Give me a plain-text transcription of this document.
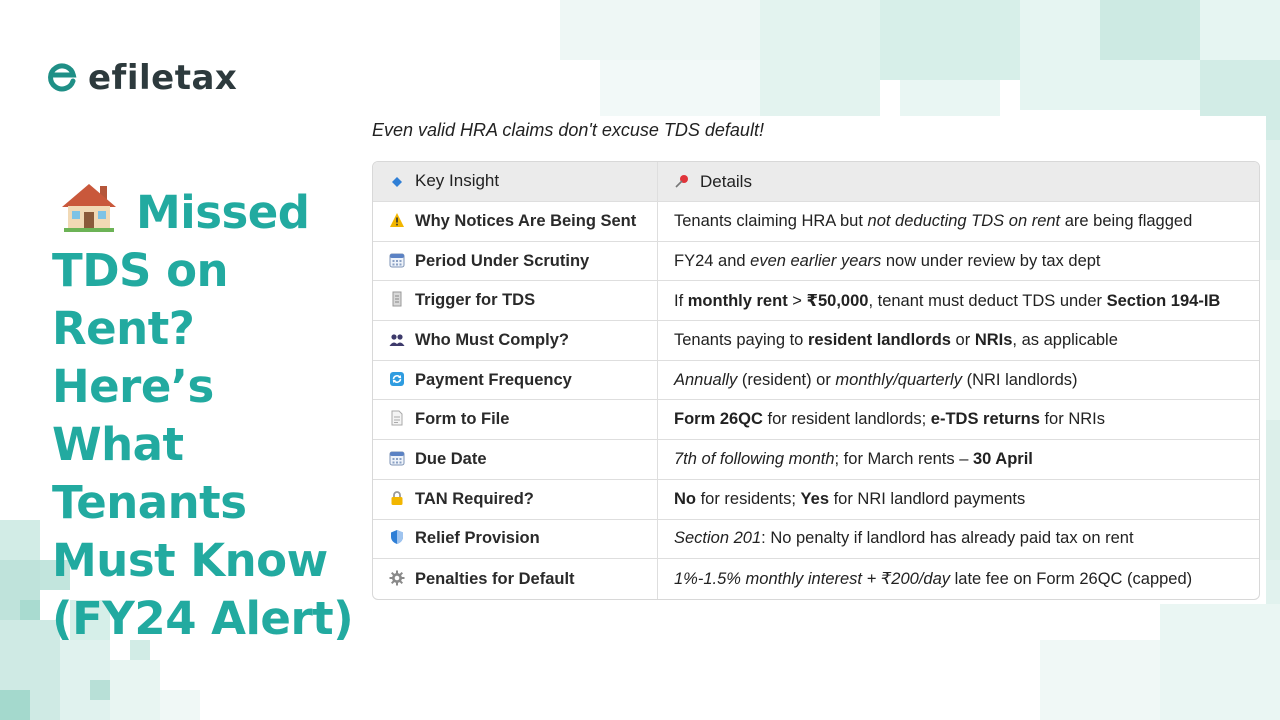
efiletax
Missed
TDS on
Rent? Here’s
What
Tenants
Must Know
(FY24 Alert)
Even valid HRA claims don't excuse TDS default!
Key Insight	Details
Why Notices Are Being Sent	Tenants claiming HRA but not deducting TDS on rent are being flagged
Period Under Scrutiny	FY24 and even earlier years now under review by tax dept
Trigger for TDS	If monthly rent > ₹50,000, tenant must deduct TDS under Section 194-IB
Who Must Comply?	Tenants paying to resident landlords or NRIs, as applicable
Payment Frequency	Annually (resident) or monthly/quarterly (NRI landlords)
Form to File	Form 26QC for resident landlords; e-TDS returns for NRIs
Due Date	7th of following month; for March rents – 30 April
TAN Required?	No for residents; Yes for NRI landlord payments
Relief Provision	Section 201: No penalty if landlord has already paid tax on rent
Penalties for Default	1%-1.5% monthly interest + ₹200/day late fee on Form 26QC (capped)
